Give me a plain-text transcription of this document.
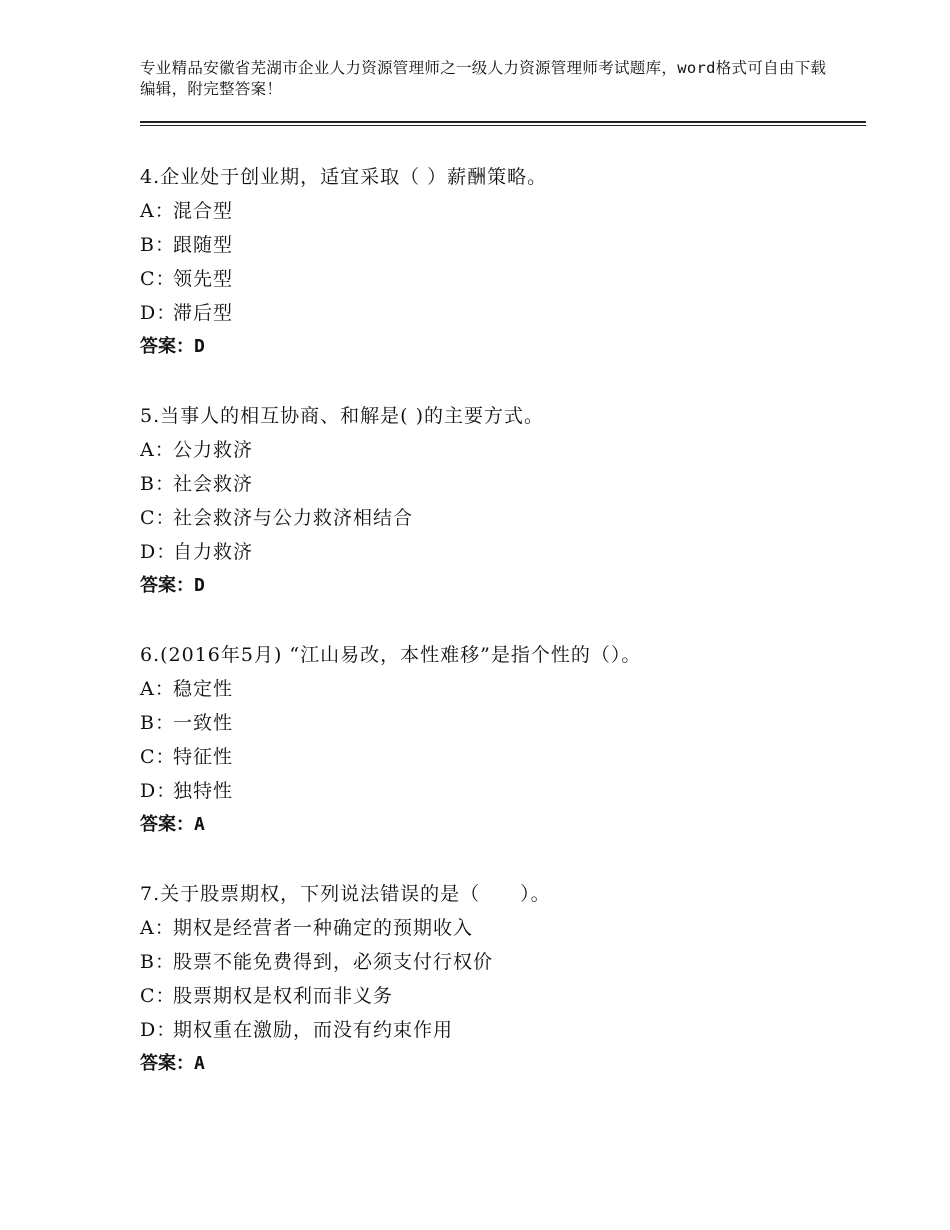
专业精品安徽省芜湖市企业人力资源管理师之一级人力资源管理师考试题库，word格式可自由下载编辑，附完整答案！
4.企业处于创业期，适宜采取（ ）薪酬策略。
A：混合型
B：跟随型
C：领先型
D：滞后型
答案：D
5.当事人的相互协商、和解是( )的主要方式。
A：公力救济
B：社会救济
C：社会救济与公力救济相结合
D：自力救济
答案：D
6.(2016年5月) “江山易改，本性难移”是指个性的（）。
A：稳定性
B：一致性
C：特征性
D：独特性
答案：A
7.关于股票期权，下列说法错误的是（　　）。
A：期权是经营者一种确定的预期收入
B：股票不能免费得到，必须支付行权价
C：股票期权是权利而非义务
D：期权重在激励，而没有约束作用
答案：A
